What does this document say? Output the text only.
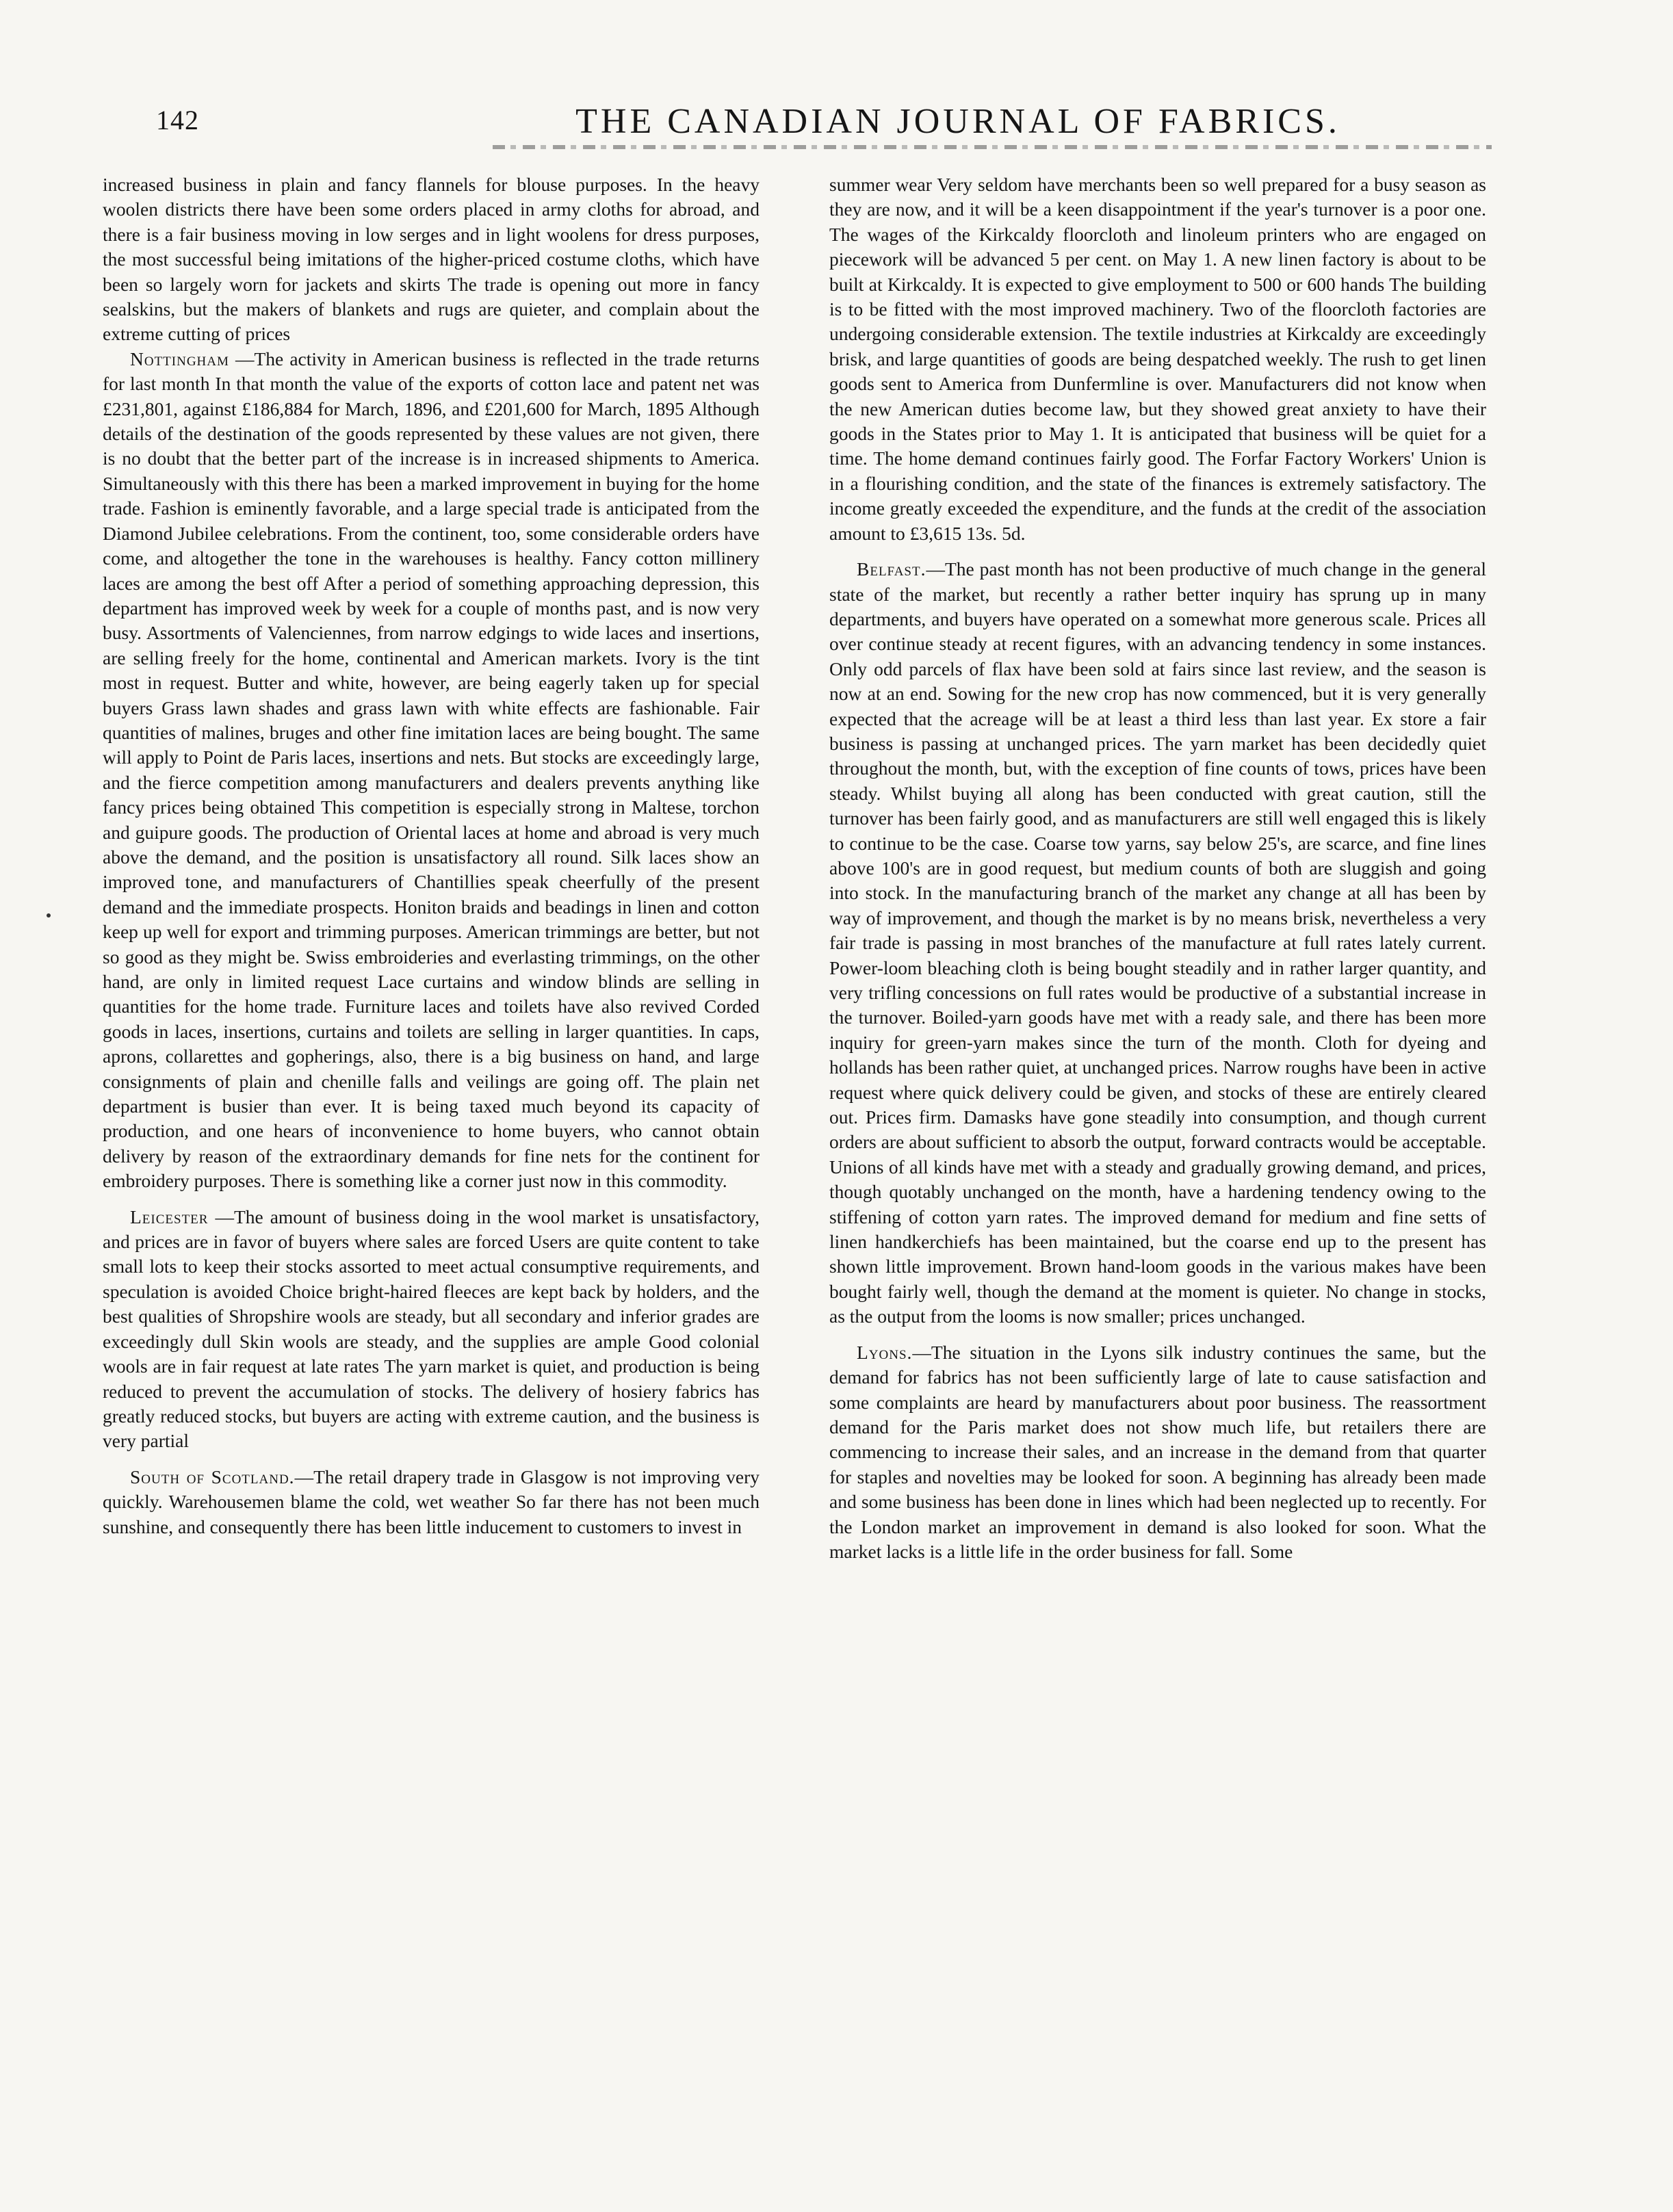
142	THE CANADIAN JOURNAL OF FABRICS.

increased business in plain and fancy flannels for blouse purposes. In the heavy woolen districts there have been some orders placed in army cloths for abroad, and there is a fair business moving in low serges and in light woolens for dress purposes, the most successful being imitations of the higher-priced costume cloths, which have been so largely worn for jackets and skirts The trade is opening out more in fancy sealskins, but the makers of blankets and rugs are quieter, and complain about the extreme cutting of prices

Nottingham —The activity in American business is reflected in the trade returns for last month In that month the value of the exports of cotton lace and patent net was £231,801, against £186,884 for March, 1896, and £201,600 for March, 1895 Although details of the destination of the goods represented by these values are not given, there is no doubt that the better part of the increase is in increased shipments to America. Simultaneously with this there has been a marked improvement in buying for the home trade. Fashion is eminently favorable, and a large special trade is anticipated from the Diamond Jubilee celebrations. From the continent, too, some considerable orders have come, and altogether the tone in the warehouses is healthy. Fancy cotton millinery laces are among the best off After a period of something approaching depression, this department has improved week by week for a couple of months past, and is now very busy. Assortments of Valenciennes, from narrow edgings to wide laces and insertions, are selling freely for the home, continental and American markets. Ivory is the tint most in request. Butter and white, however, are being eagerly taken up for special buyers Grass lawn shades and grass lawn with white effects are fashionable. Fair quantities of malines, bruges and other fine imitation laces are being bought. The same will apply to Point de Paris laces, insertions and nets. But stocks are exceedingly large, and the fierce competition among manufacturers and dealers prevents anything like fancy prices being obtained This competition is especially strong in Maltese, torchon and guipure goods. The production of Oriental laces at home and abroad is very much above the demand, and the position is unsatisfactory all round. Silk laces show an improved tone, and manufacturers of Chantillies speak cheerfully of the present demand and the immediate prospects. Honiton braids and beadings in linen and cotton keep up well for export and trimming purposes. American trimmings are better, but not so good as they might be. Swiss embroideries and everlasting trimmings, on the other hand, are only in limited request Lace curtains and window blinds are selling in quantities for the home trade. Furniture laces and toilets have also revived Corded goods in laces, insertions, curtains and toilets are selling in larger quantities. In caps, aprons, collarettes and gopherings, also, there is a big business on hand, and large consignments of plain and chenille falls and veilings are going off. The plain net department is busier than ever. It is being taxed much beyond its capacity of production, and one hears of inconvenience to home buyers, who cannot obtain delivery by reason of the extraordinary demands for fine nets for the continent for embroidery purposes. There is something like a corner just now in this commodity.

Leicester —The amount of business doing in the wool market is unsatisfactory, and prices are in favor of buyers where sales are forced Users are quite content to take small lots to keep their stocks assorted to meet actual consumptive requirements, and speculation is avoided Choice bright-haired fleeces are kept back by holders, and the best qualities of Shropshire wools are steady, but all secondary and inferior grades are exceedingly dull Skin wools are steady, and the supplies are ample Good colonial wools are in fair request at late rates The yarn market is quiet, and production is being reduced to prevent the accumulation of stocks. The delivery of hosiery fabrics has greatly reduced stocks, but buyers are acting with extreme caution, and the business is very partial

South of Scotland.—The retail drapery trade in Glasgow is not improving very quickly. Warehousemen blame the cold, wet weather So far there has not been much sunshine, and consequently there has been little inducement to customers to invest in

summer wear Very seldom have merchants been so well prepared for a busy season as they are now, and it will be a keen disappointment if the year's turnover is a poor one. The wages of the Kirkcaldy floorcloth and linoleum printers who are engaged on piecework will be advanced 5 per cent. on May 1. A new linen factory is about to be built at Kirkcaldy. It is expected to give employment to 500 or 600 hands The building is to be fitted with the most improved machinery. Two of the floorcloth factories are undergoing considerable extension. The textile industries at Kirkcaldy are exceedingly brisk, and large quantities of goods are being despatched weekly. The rush to get linen goods sent to America from Dunfermline is over. Manufacturers did not know when the new American duties become law, but they showed great anxiety to have their goods in the States prior to May 1. It is anticipated that business will be quiet for a time. The home demand continues fairly good. The Forfar Factory Workers' Union is in a flourishing condition, and the state of the finances is extremely satisfactory. The income greatly exceeded the expenditure, and the funds at the credit of the association amount to £3,615 13s. 5d.

Belfast.—The past month has not been productive of much change in the general state of the market, but recently a rather better inquiry has sprung up in many departments, and buyers have operated on a somewhat more generous scale. Prices all over continue steady at recent figures, with an advancing tendency in some instances. Only odd parcels of flax have been sold at fairs since last review, and the season is now at an end. Sowing for the new crop has now commenced, but it is very generally expected that the acreage will be at least a third less than last year. Ex store a fair business is passing at unchanged prices. The yarn market has been decidedly quiet throughout the month, but, with the exception of fine counts of tows, prices have been steady. Whilst buying all along has been conducted with great caution, still the turnover has been fairly good, and as manufacturers are still well engaged this is likely to continue to be the case. Coarse tow yarns, say below 25's, are scarce, and fine lines above 100's are in good request, but medium counts of both are sluggish and going into stock. In the manufacturing branch of the market any change at all has been by way of improvement, and though the market is by no means brisk, nevertheless a very fair trade is passing in most branches of the manufacture at full rates lately current. Power-loom bleaching cloth is being bought steadily and in rather larger quantity, and very trifling concessions on full rates would be productive of a substantial increase in the turnover. Boiled-yarn goods have met with a ready sale, and there has been more inquiry for green-yarn makes since the turn of the month. Cloth for dyeing and hollands has been rather quiet, at unchanged prices. Narrow roughs have been in active request where quick delivery could be given, and stocks of these are entirely cleared out. Prices firm. Damasks have gone steadily into consumption, and though current orders are about sufficient to absorb the output, forward contracts would be acceptable. Unions of all kinds have met with a steady and gradually growing demand, and prices, though quotably unchanged on the month, have a hardening tendency owing to the stiffening of cotton yarn rates. The improved demand for medium and fine setts of linen handkerchiefs has been maintained, but the coarse end up to the present has shown little improvement. Brown hand-loom goods in the various makes have been bought fairly well, though the demand at the moment is quieter. No change in stocks, as the output from the looms is now smaller; prices unchanged.

Lyons.—The situation in the Lyons silk industry continues the same, but the demand for fabrics has not been sufficiently large of late to cause satisfaction and some complaints are heard by manufacturers about poor business. The reassortment demand for the Paris market does not show much life, but retailers there are commencing to increase their sales, and an increase in the demand from that quarter for staples and novelties may be looked for soon. A beginning has already been made and some business has been done in lines which had been neglected up to recently. For the London market an improvement in demand is also looked for soon. What the market lacks is a little life in the order business for fall. Some
